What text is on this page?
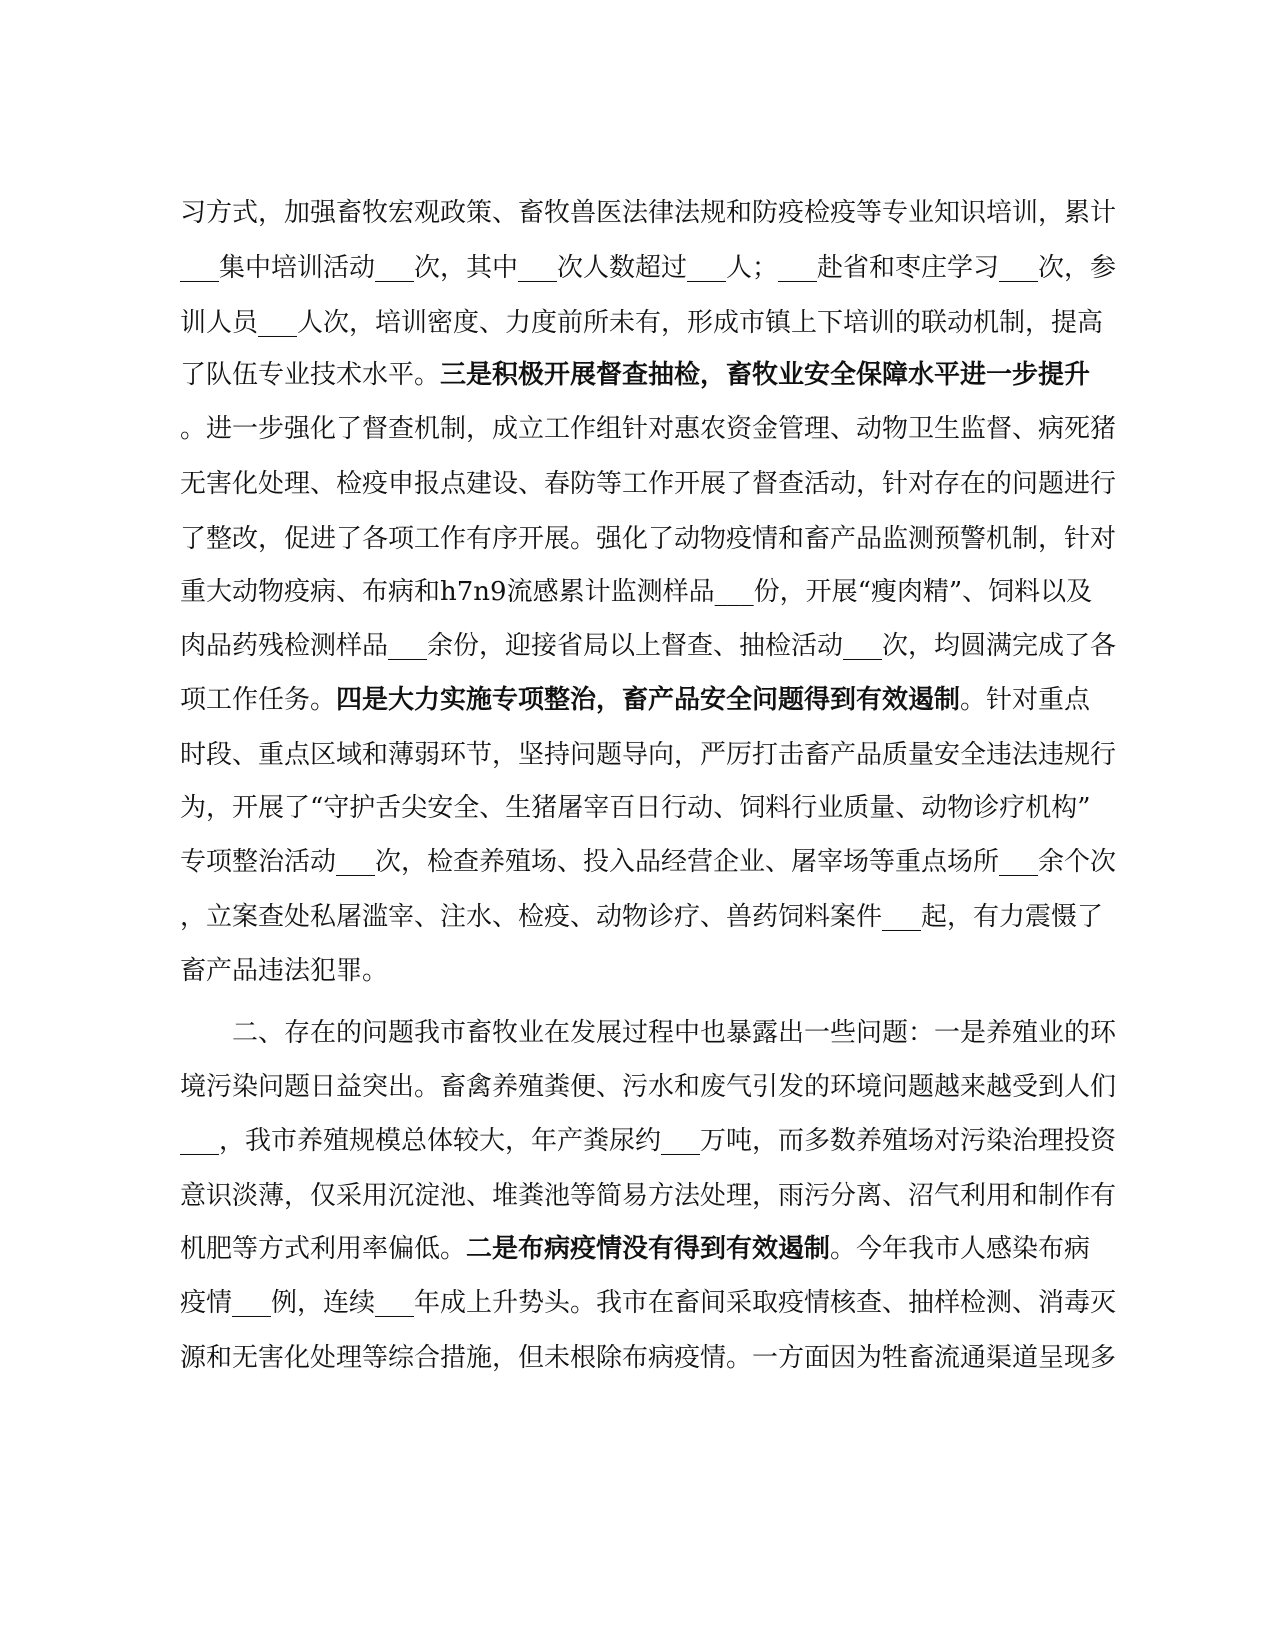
习方式，加强畜牧宏观政策、畜牧兽医法律法规和防疫检疫等专业知识培训，累计
___集中培训活动___次，其中___次人数超过___人；___赴省和枣庄学习___次，参
训人员___人次，培训密度、力度前所未有，形成市镇上下培训的联动机制，提高
了队伍专业技术水平。三是积极开展督查抽检，畜牧业安全保障水平进一步提升
。进一步强化了督查机制，成立工作组针对惠农资金管理、动物卫生监督、病死猪
无害化处理、检疫申报点建设、春防等工作开展了督查活动，针对存在的问题进行
了整改，促进了各项工作有序开展。强化了动物疫情和畜产品监测预警机制，针对
重大动物疫病、布病和h7n9流感累计监测样品___份，开展“瘦肉精”、饲料以及
肉品药残检测样品___余份，迎接省局以上督查、抽检活动___次，均圆满完成了各
项工作任务。四是大力实施专项整治，畜产品安全问题得到有效遏制。针对重点
时段、重点区域和薄弱环节，坚持问题导向，严厉打击畜产品质量安全违法违规行
为，开展了“守护舌尖安全、生猪屠宰百日行动、饲料行业质量、动物诊疗机构”
专项整治活动___次，检查养殖场、投入品经营企业、屠宰场等重点场所___余个次
，立案查处私屠滥宰、注水、检疫、动物诊疗、兽药饲料案件___起，有力震慑了
畜产品违法犯罪。
二、存在的问题我市畜牧业在发展过程中也暴露出一些问题：一是养殖业的环
境污染问题日益突出。畜禽养殖粪便、污水和废气引发的环境问题越来越受到人们
___，我市养殖规模总体较大，年产粪尿约___万吨，而多数养殖场对污染治理投资
意识淡薄，仅采用沉淀池、堆粪池等简易方法处理，雨污分离、沼气利用和制作有
机肥等方式利用率偏低。二是布病疫情没有得到有效遏制。今年我市人感染布病
疫情___例，连续___年成上升势头。我市在畜间采取疫情核查、抽样检测、消毒灭
源和无害化处理等综合措施，但未根除布病疫情。一方面因为牲畜流通渠道呈现多
